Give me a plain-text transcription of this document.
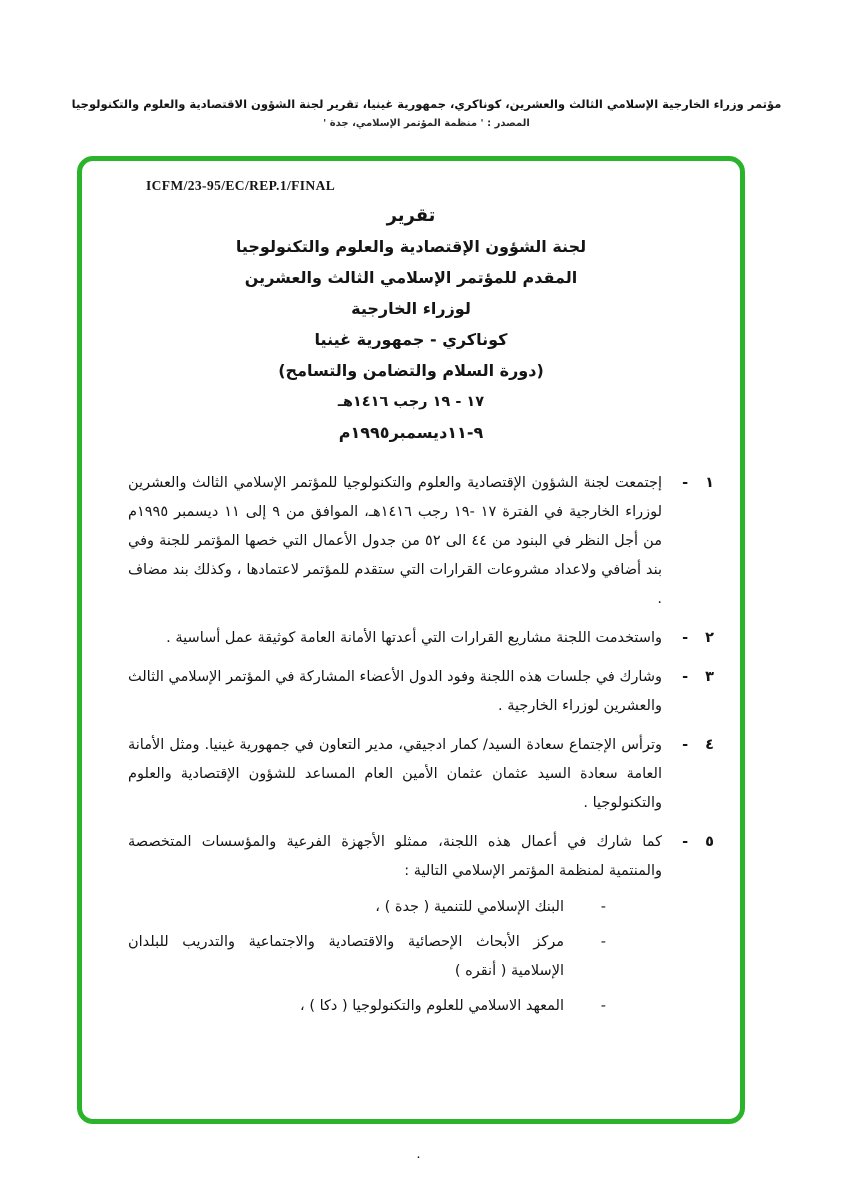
مؤتمر وزراء الخارجية الإسلامي الثالث والعشرين، كوناكري، جمهورية غينيا، تقرير لجنة الشؤون الاقتصادية والعلوم والتكنولوجيا
المصدر : ' منظمة المؤتمر الإسلامي، جدة '
ICFM/23-95/EC/REP.1/FINAL
تقرير
لجنة الشؤون الإقتصادية والعلوم والتكنولوجيا
المقدم للمؤتمر الإسلامي الثالث والعشرين
لوزراء الخارجية
كوناكري - جمهورية غينيا
(دورة السلام والتضامن والتسامح)
١٧ - ١٩ رجب ١٤١٦هـ
٩-١١ديسمبر١٩٩٥م
١ -
إجتمعت لجنة الشؤون الإقتصادية والعلوم والتكنولوجيا للمؤتمر الإسلامي الثالث والعشرين لوزراء الخارجية في الفترة ١٧ -١٩ رجب ١٤١٦هـ، الموافق من ٩ إلى ١١ ديسمبر ١٩٩٥م من أجل النظر في البنود من ٤٤ الى ٥٢ من جدول الأعمال التي خصها المؤتمر للجنة وفي بند أضافي ولاعداد مشروعات القرارات التي ستقدم للمؤتمر لاعتمادها ، وكذلك بند مضاف .
٢ -
واستخدمت اللجنة مشاريع القرارات التي أعدتها الأمانة العامة كوثيقة عمل أساسية .
٣ -
وشارك في جلسات هذه اللجنة وفود الدول الأعضاء المشاركة في المؤتمر الإسلامي الثالث والعشرين لوزراء الخارجية .
٤ -
وترأس الإجتماع سعادة السيد/ كمار ادجيقي، مدير التعاون في جمهورية غينيا. ومثل الأمانة العامة سعادة السيد عثمان عثمان الأمين العام المساعد للشؤون الإقتصادية والعلوم والتكنولوجيا .
٥ -
كما شارك في أعمال هذه اللجنة، ممثلو الأجهزة الفرعية والمؤسسات المتخصصة والمنتمية لمنظمة المؤتمر الإسلامي التالية :
-
البنك الإسلامي للتنمية ( جدة ) ،
-
مركز الأبحاث الإحصائية والاقتصادية والاجتماعية والتدريب للبلدان الإسلامية ( أنقره )
-
المعهد الاسلامي للعلوم والتكنولوجيا ( دكا ) ،
٠
